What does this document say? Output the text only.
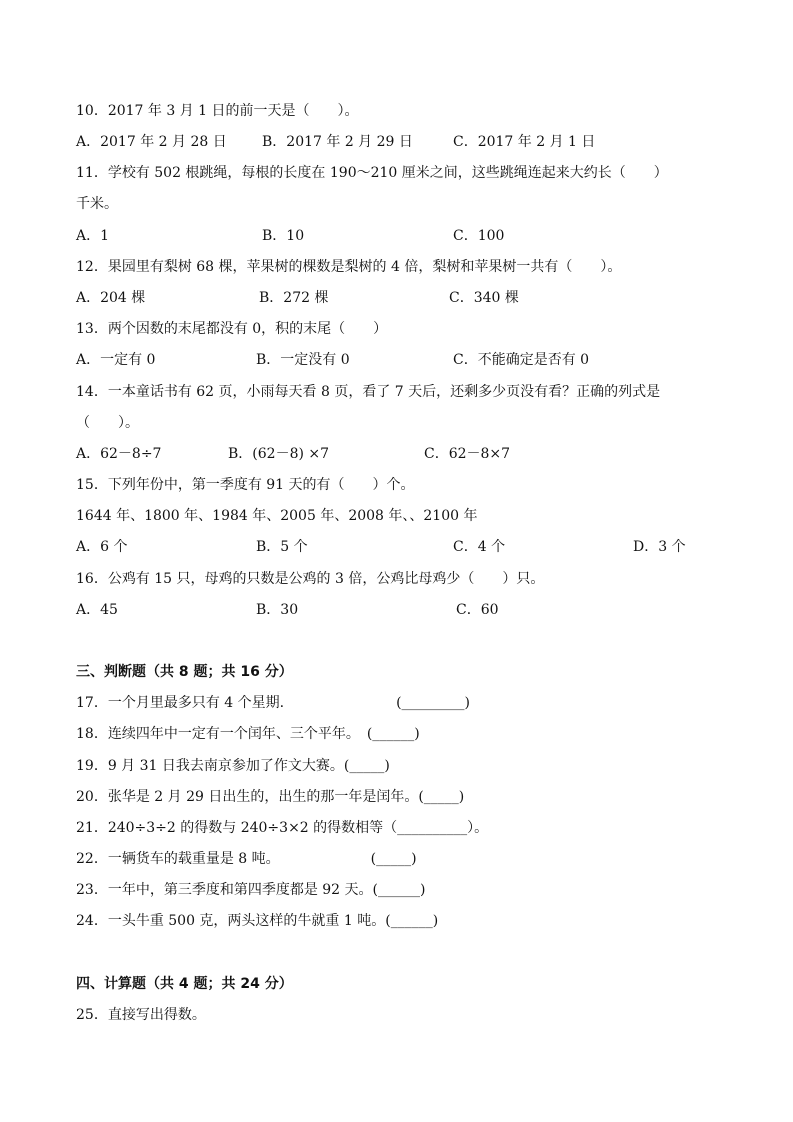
10．2017 年 3 月 1 日的前一天是（　　）。
A．2017 年 2 月 28 日	B．2017 年 2 月 29 日	C．2017 年 2 月 1 日
11．学校有 502 根跳绳，每根的长度在 190～210 厘米之间，这些跳绳连起来大约长（　　）
千米。
A．1	B．10	C．100
12．果园里有梨树 68 棵，苹果树的棵数是梨树的 4 倍，梨树和苹果树一共有（　　）。
A．204 棵	B．272 棵	C．340 棵
13．两个因数的末尾都没有 0，积的末尾（　　）
A．一定有 0	B．一定没有 0	C．不能确定是否有 0
14．一本童话书有 62 页，小雨每天看 8 页，看了 7 天后，还剩多少页没有看？正确的列式是
（　　）。
A．62－8÷7	B．(62－8) ×7	C．62－8×7
15．下列年份中，第一季度有 91 天的有（　　）个。
1644 年、1800 年、1984 年、2005 年、2008 年、、2100 年
A．6 个	B．5 个	C．4 个	D．3 个
16．公鸡有 15 只，母鸡的只数是公鸡的 3 倍，公鸡比母鸡少（　　）只。
A．45	B．30	C．60
三、判断题（共 8 题；共 16 分）
17．一个月里最多只有 4 个星期.　　　　　　　　(_________)
18．连续四年中一定有一个闰年、三个平年。　(______)
19．9 月 31 日我去南京参加了作文大赛。(_____)
20．张华是 2 月 29 日出生的，出生的那一年是闰年。(_____)
21．240÷3÷2 的得数与 240÷3×2 的得数相等（__________）。
22．一辆货车的载重量是 8 吨。　　　　　　　(_____)
23．一年中，第三季度和第四季度都是 92 天。(______)
24．一头牛重 500 克，两头这样的牛就重 1 吨。(______)
四、计算题（共 4 题；共 24 分）
25．直接写出得数。
